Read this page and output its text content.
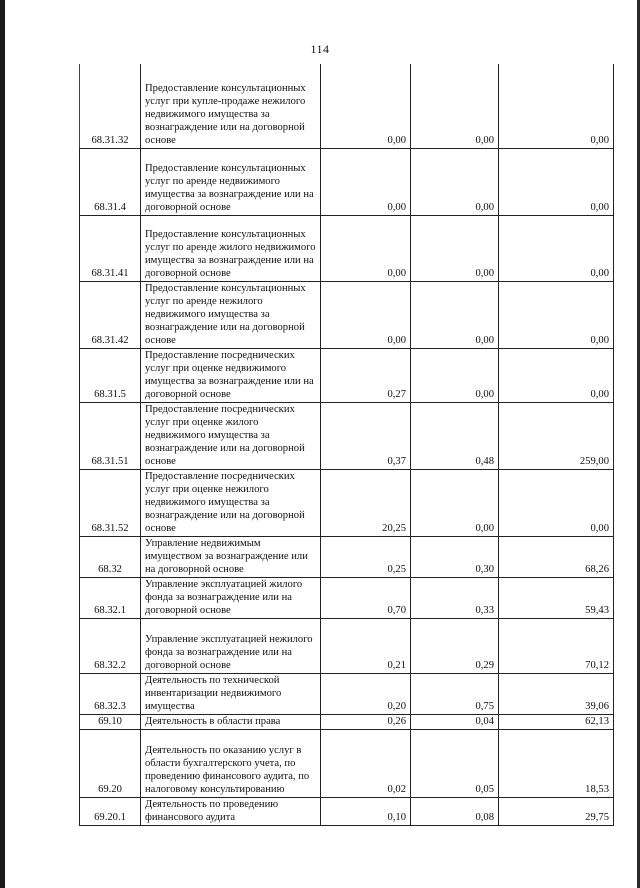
114
68.31.32	Предоставление консультационных услуг при купле-продаже нежилого недвижимого имущества за вознаграждение или на договорной основе	0,00	0,00	0,00
68.31.4	Предоставление консультационных услуг по аренде недвижимого имущества за вознаграждение или на договорной основе	0,00	0,00	0,00
68.31.41	Предоставление консультационных услуг по аренде жилого недвижимого имущества за вознаграждение или на договорной основе	0,00	0,00	0,00
68.31.42	Предоставление консультационных услуг по аренде нежилого недвижимого имущества за вознаграждение или на договорной основе	0,00	0,00	0,00
68.31.5	Предоставление посреднических услуг при оценке недвижимого имущества за вознаграждение или на договорной основе	0,27	0,00	0,00
68.31.51	Предоставление посреднических услуг при оценке жилого недвижимого имущества за вознаграждение или на договорной основе	0,37	0,48	259,00
68.31.52	Предоставление посреднических услуг при оценке нежилого недвижимого имущества за вознаграждение или на договорной основе	20,25	0,00	0,00
68.32	Управление недвижимым имуществом за вознаграждение или на договорной основе	0,25	0,30	68,26
68.32.1	Управление эксплуатацией жилого фонда за вознаграждение или на договорной основе	0,70	0,33	59,43
68.32.2	Управление эксплуатацией нежилого фонда за вознаграждение или на договорной основе	0,21	0,29	70,12
68.32.3	Деятельность по технической инвентаризации недвижимого имущества	0,20	0,75	39,06
69.10	Деятельность в области права	0,26	0,04	62,13
69.20	Деятельность по оказанию услуг в области бухгалтерского учета, по проведению финансового аудита, по налоговому консультированию	0,02	0,05	18,53
69.20.1	Деятельность по проведению финансового аудита	0,10	0,08	29,75
